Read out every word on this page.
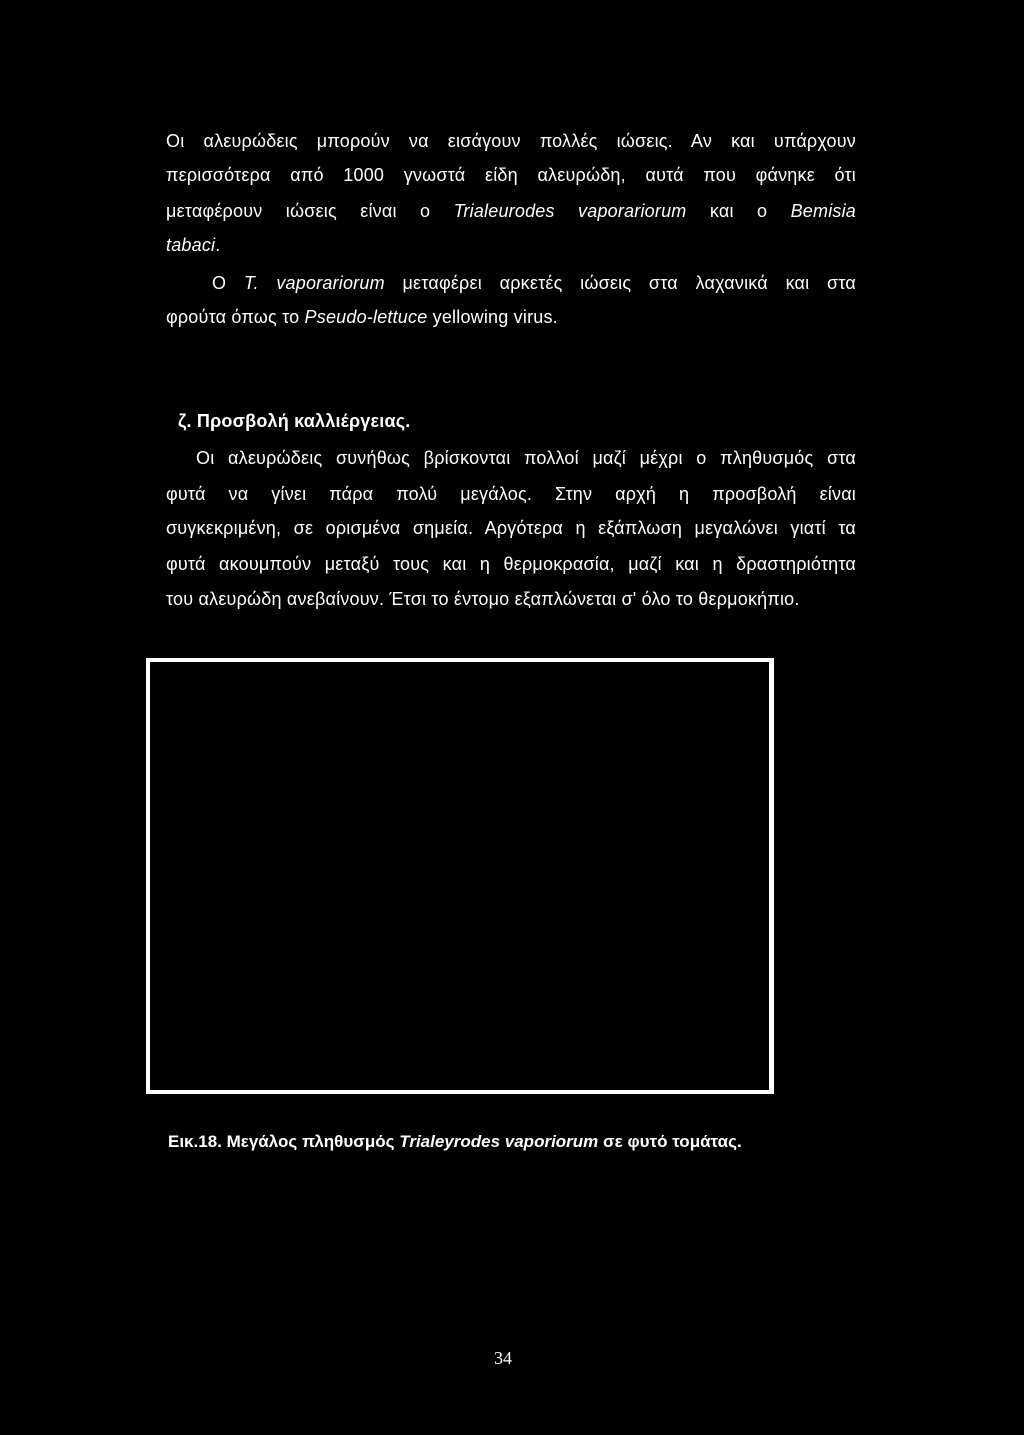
Οι αλευρώδεις μπορούν να εισάγουν πολλές ιώσεις. Αν και υπάρχουν
περισσότερα από 1000 γνωστά είδη αλευρώδη, αυτά που φάνηκε ότι
μεταφέρουν ιώσεις είναι ο Trialeurodes vaporariorum και ο Bemisia
tabaci.
Ο T. vaporariorum μεταφέρει αρκετές ιώσεις στα λαχανικά και στα
φρούτα όπως το Pseudo-lettuce yellowing virus.
ζ. Προσβολή καλλιέργειας.
Οι αλευρώδεις συνήθως βρίσκονται πολλοί μαζί μέχρι ο πληθυσμός στα
φυτά να γίνει πάρα πολύ μεγάλος. Στην αρχή η προσβολή είναι
συγκεκριμένη, σε ορισμένα σημεία. Αργότερα η εξάπλωση μεγαλώνει γιατί τα
φυτά ακουμπούν μεταξύ τους και η θερμοκρασία, μαζί και η δραστηριότητα
του αλευρώδη ανεβαίνουν. Έτσι το έντομο εξαπλώνεται σ' όλο το θερμοκήπιο.
Εικ.18. Μεγάλος πληθυσμός Trialeyrodes vaporiorum σε φυτό τομάτας.
34
